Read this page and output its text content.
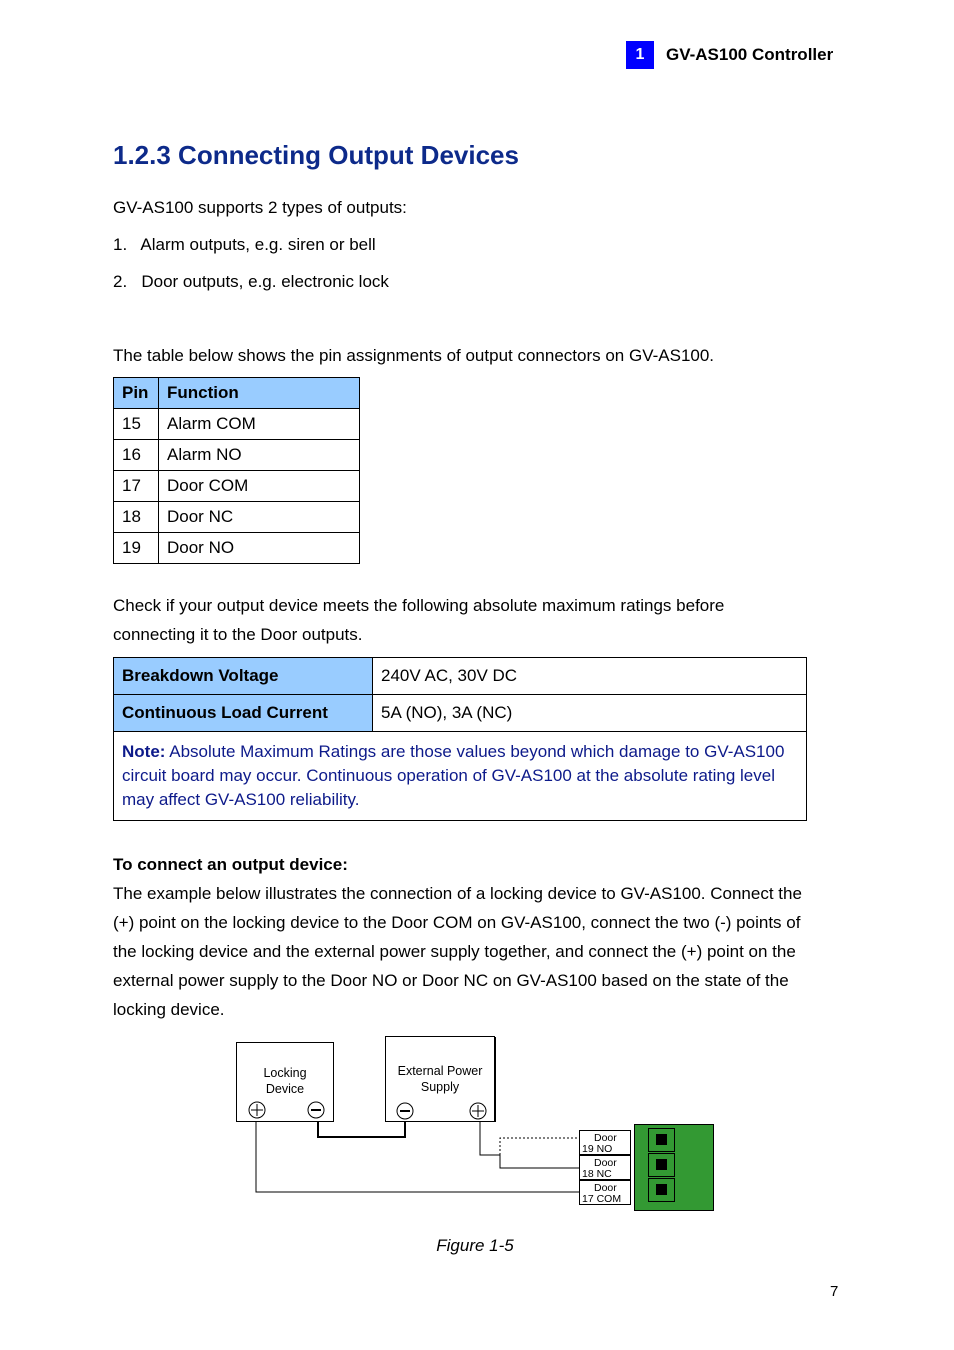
1	GV-AS100 Controller
1.2.3 Connecting Output Devices
GV-AS100 supports 2 types of outputs:
1.   Alarm outputs, e.g. siren or bell
2.   Door outputs, e.g. electronic lock
The table below shows the pin assignments of output connectors on GV-AS100.
Pin	Function
15	Alarm COM
16	Alarm NO
17	Door COM
18	Door NC
19	Door NO
Check if your output device meets the following absolute maximum ratings before
connecting it to the Door outputs.
Breakdown Voltage	240V AC, 30V DC
Continuous Load Current	5A (NO), 3A (NC)
Note: Absolute Maximum Ratings are those values beyond which damage to GV-AS100 circuit board may occur. Continuous operation of GV-AS100 at the absolute rating level may affect GV-AS100 reliability.	
To connect an output device:
The example below illustrates the connection of a locking device to GV-AS100. Connect the
(+) point on the locking device to the Door COM on GV-AS100, connect the two (-) points of
the locking device and the external power supply together, and connect the (+) point on the
external power supply to the Door NO or Door NC on GV-AS100 based on the state of the
locking device.
Locking
Device
External Power
Supply
Door
19 NO
Door
18 NC
Door
17 COM
Figure 1-5
7
